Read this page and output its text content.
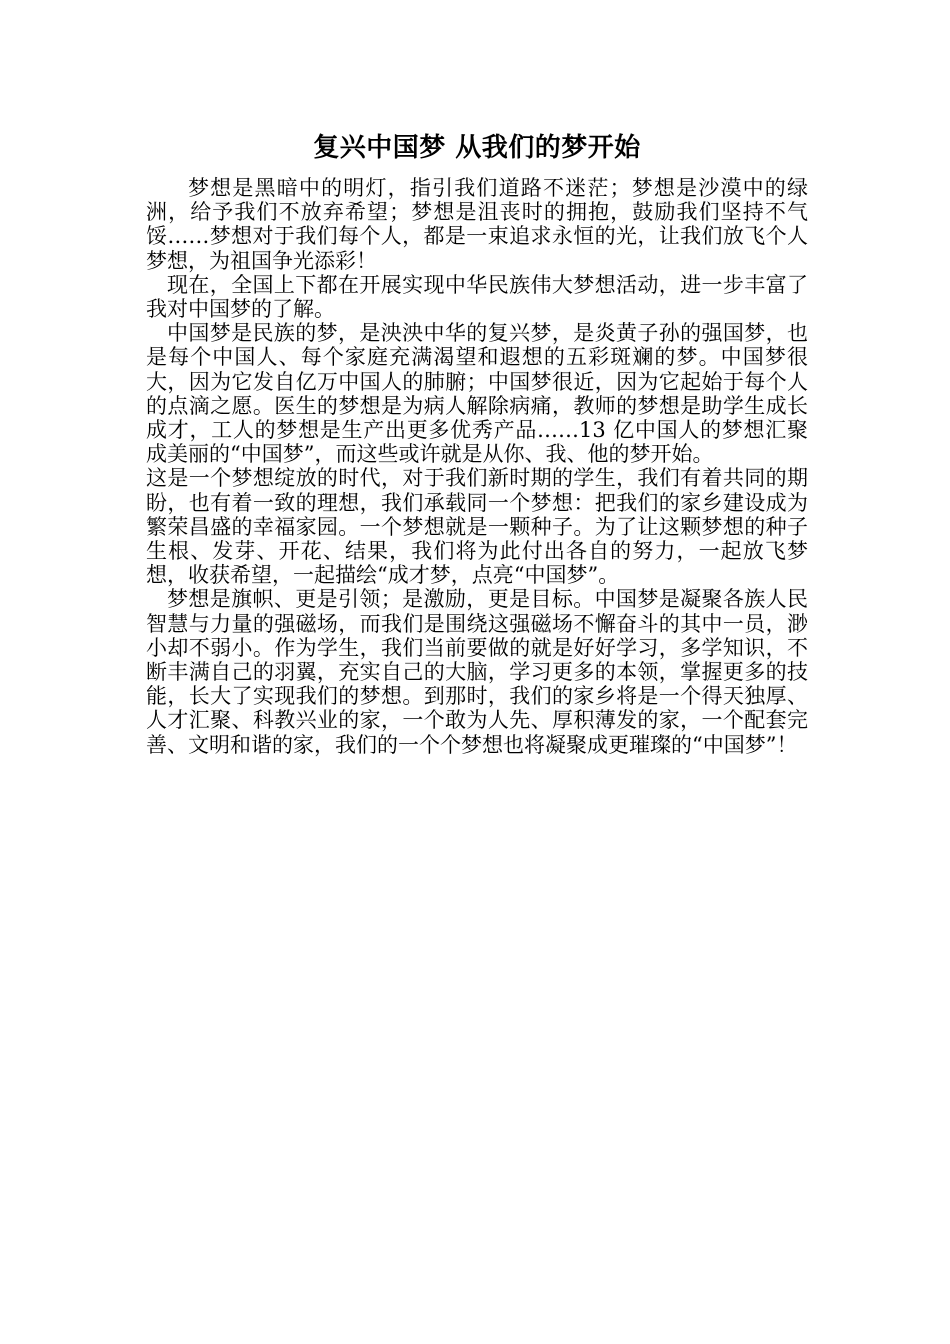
复兴中国梦 从我们的梦开始

梦想是黑暗中的明灯，指引我们道路不迷茫；梦想是沙漠中的绿洲，给予我们不放弃希望；梦想是沮丧时的拥抱，鼓励我们坚持不气馁……梦想对于我们每个人，都是一束追求永恒的光，让我们放飞个人梦想，为祖国争光添彩！

现在，全国上下都在开展实现中华民族伟大梦想活动，进一步丰富了我对中国梦的了解。

中国梦是民族的梦，是泱泱中华的复兴梦，是炎黄子孙的强国梦，也是每个中国人、每个家庭充满渴望和遐想的五彩斑斓的梦。中国梦很大，因为它发自亿万中国人的肺腑；中国梦很近，因为它起始于每个人的点滴之愿。医生的梦想是为病人解除病痛，教师的梦想是助学生成长成才，工人的梦想是生产出更多优秀产品……13 亿中国人的梦想汇聚成美丽的“中国梦”，而这些或许就是从你、我、他的梦开始。

这是一个梦想绽放的时代，对于我们新时期的学生，我们有着共同的期盼，也有着一致的理想，我们承载同一个梦想：把我们的家乡建设成为繁荣昌盛的幸福家园。一个梦想就是一颗种子。为了让这颗梦想的种子生根、发芽、开花、结果，我们将为此付出各自的努力，一起放飞梦想，收获希望，一起描绘“成才梦，点亮“中国梦”。

梦想是旗帜、更是引领；是激励，更是目标。中国梦是凝聚各族人民智慧与力量的强磁场，而我们是围绕这强磁场不懈奋斗的其中一员，渺小却不弱小。作为学生，我们当前要做的就是好好学习，多学知识，不断丰满自己的羽翼，充实自己的大脑，学习更多的本领，掌握更多的技能，长大了实现我们的梦想。到那时，我们的家乡将是一个得天独厚、人才汇聚、科教兴业的家，一个敢为人先、厚积薄发的家，一个配套完善、文明和谐的家，我们的一个个梦想也将凝聚成更璀璨的“中国梦”！
